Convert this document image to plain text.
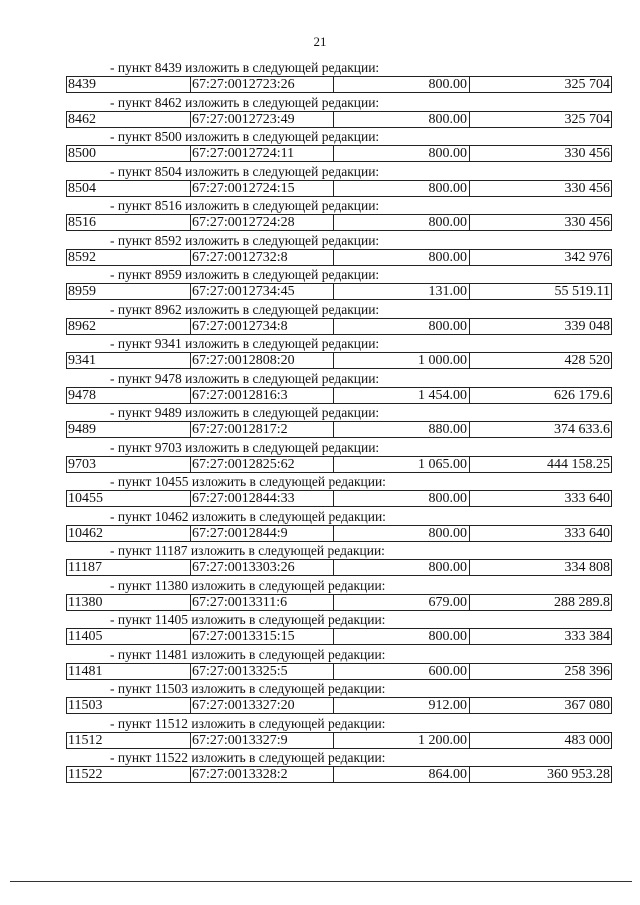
21
- пункт 8439 изложить в следующей редакции:
8439	67:27:0012723:26	800.00	325 704
- пункт 8462 изложить в следующей редакции:
8462	67:27:0012723:49	800.00	325 704
- пункт 8500 изложить в следующей редакции:
8500	67:27:0012724:11	800.00	330 456
- пункт 8504 изложить в следующей редакции:
8504	67:27:0012724:15	800.00	330 456
- пункт 8516 изложить в следующей редакции:
8516	67:27:0012724:28	800.00	330 456
- пункт 8592 изложить в следующей редакции:
8592	67:27:0012732:8	800.00	342 976
- пункт 8959 изложить в следующей редакции:
8959	67:27:0012734:45	131.00	55 519.11
- пункт 8962 изложить в следующей редакции:
8962	67:27:0012734:8	800.00	339 048
- пункт 9341 изложить в следующей редакции:
9341	67:27:0012808:20	1 000.00	428 520
- пункт 9478 изложить в следующей редакции:
9478	67:27:0012816:3	1 454.00	626 179.6
- пункт 9489 изложить в следующей редакции:
9489	67:27:0012817:2	880.00	374 633.6
- пункт 9703 изложить в следующей редакции:
9703	67:27:0012825:62	1 065.00	444 158.25
- пункт 10455 изложить в следующей редакции:
10455	67:27:0012844:33	800.00	333 640
- пункт 10462 изложить в следующей редакции:
10462	67:27:0012844:9	800.00	333 640
- пункт 11187 изложить в следующей редакции:
11187	67:27:0013303:26	800.00	334 808
- пункт 11380 изложить в следующей редакции:
11380	67:27:0013311:6	679.00	288 289.8
- пункт 11405 изложить в следующей редакции:
11405	67:27:0013315:15	800.00	333 384
- пункт 11481 изложить в следующей редакции:
11481	67:27:0013325:5	600.00	258 396
- пункт 11503 изложить в следующей редакции:
11503	67:27:0013327:20	912.00	367 080
- пункт 11512 изложить в следующей редакции:
11512	67:27:0013327:9	1 200.00	483 000
- пункт 11522 изложить в следующей редакции:
11522	67:27:0013328:2	864.00	360 953.28
